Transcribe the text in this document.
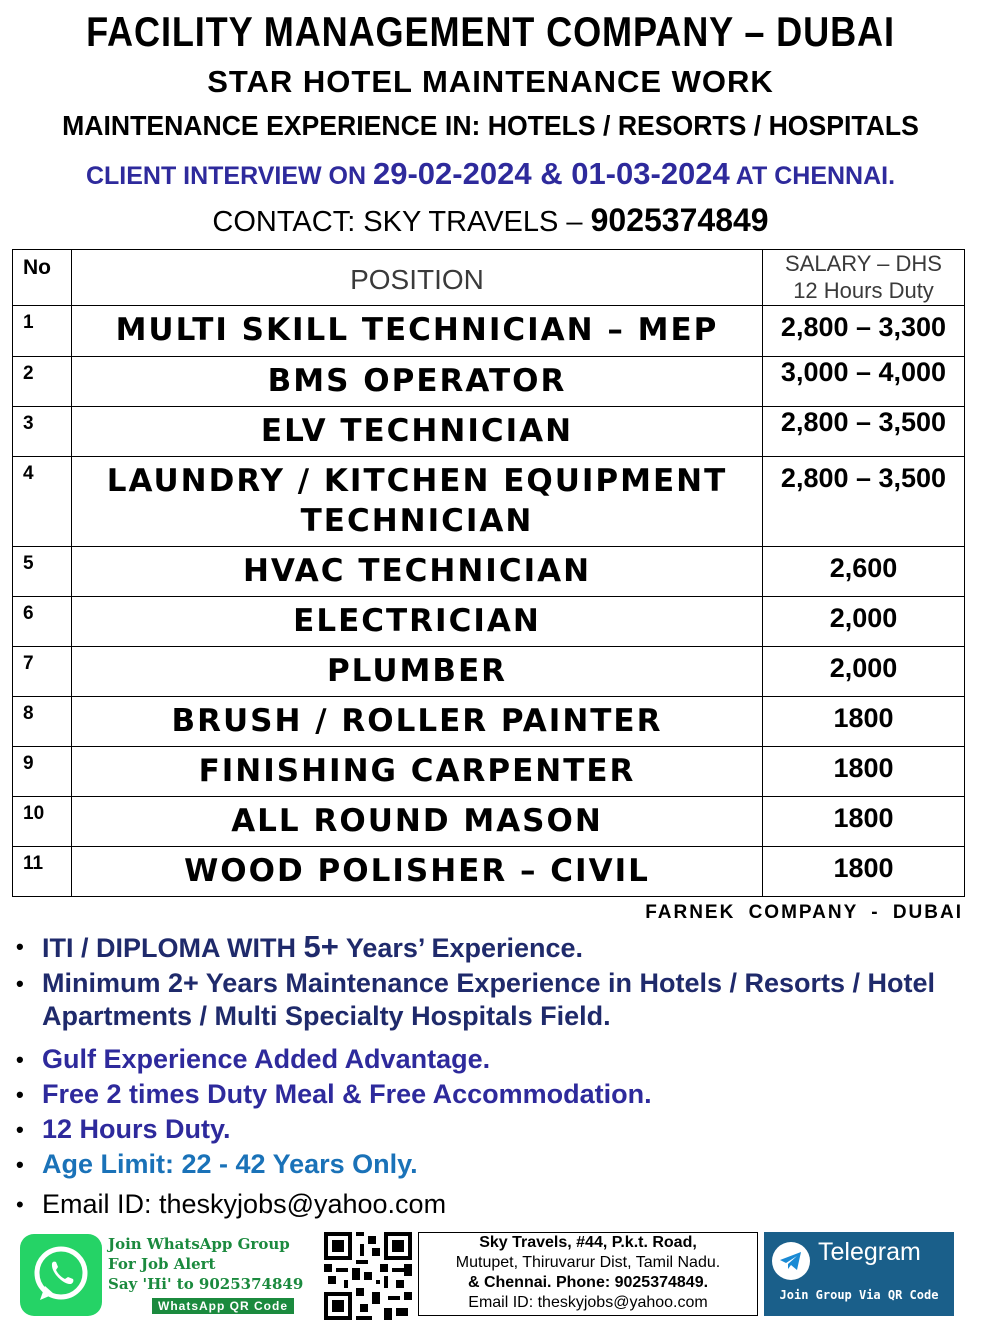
FACILITY MANAGEMENT COMPANY – DUBAI
STAR HOTEL MAINTENANCE WORK
MAINTENANCE EXPERIENCE IN: HOTELS / RESORTS / HOSPITALS
CLIENT INTERVIEW ON 29-02-2024 & 01-03-2024 AT CHENNAI.
CONTACT: SKY TRAVELS – 9025374849
No	POSITION	SALARY – DHS
12 Hours Duty

1	MULTI SKILL TECHNICIAN – MEP	2,800 – 3,300
2	BMS OPERATOR	3,000 – 4,000
3	ELV TECHNICIAN	2,800 – 3,500
4	LAUNDRY / KITCHEN EQUIPMENT TECHNICIAN	2,800 – 3,500
5	HVAC TECHNICIAN	2,600
6	ELECTRICIAN	2,000
7	PLUMBER	2,000
8	BRUSH / ROLLER PAINTER	1800
9	FINISHING CARPENTER	1800
10	ALL ROUND MASON	1800
11	WOOD POLISHER – CIVIL	1800
FARNEK COMPANY - DUBAI
• ITI / DIPLOMA WITH 5+ Years’ Experience.
• Minimum 2+ Years Maintenance Experience in Hotels / Resorts / Hotel Apartments / Multi Specialty Hospitals Field.
• Gulf Experience Added Advantage.
• Free 2 times Duty Meal & Free Accommodation.
• 12 Hours Duty.
• Age Limit: 22 - 42 Years Only.
• Email ID: theskyjobs@yahoo.com
Join WhatsApp Group
For Job Alert
Say 'Hi' to 9025374849
WhatsApp QR Code
Sky Travels, #44, P.k.t. Road,
Mutupet, Thiruvarur Dist, Tamil Nadu.
& Chennai. Phone: 9025374849.
Email ID: theskyjobs@yahoo.com
Telegram
Join Group Via QR Code
